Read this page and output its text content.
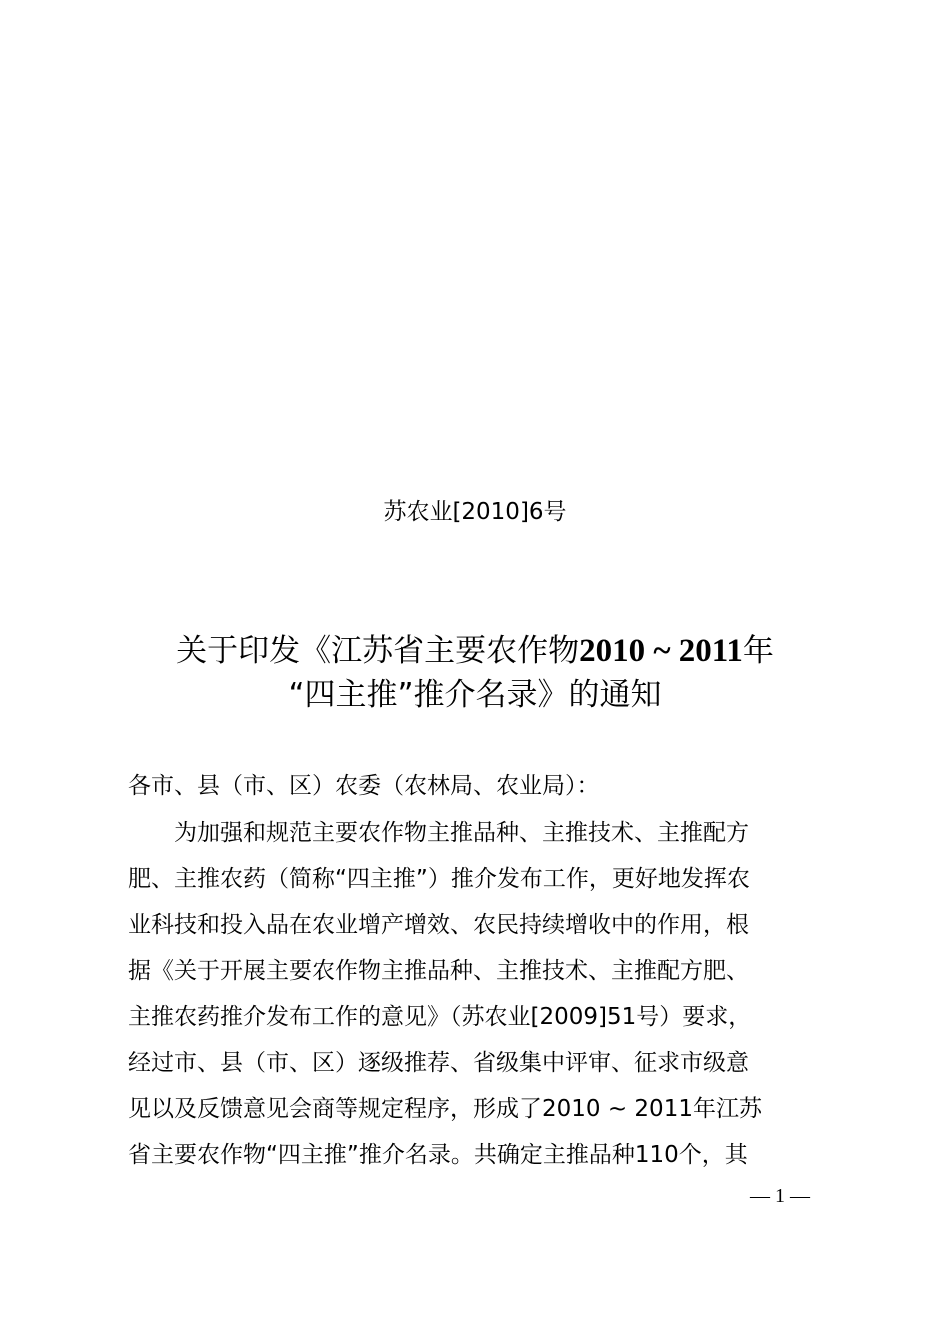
苏农业[2010]6号
关于印发《江苏省主要农作物2010 ~ 2011年
“四主推”推介名录》的通知
各市、县（市、区）农委（农林局、农业局）：
　　为加强和规范主要农作物主推品种、主推技术、主推配方
肥、主推农药（简称“四主推”）推介发布工作，更好地发挥农
业科技和投入品在农业增产增效、农民持续增收中的作用，根
据《关于开展主要农作物主推品种、主推技术、主推配方肥、
主推农药推介发布工作的意见》（苏农业[2009]51号）要求，
经过市、县（市、区）逐级推荐、省级集中评审、征求市级意
见以及反馈意见会商等规定程序，形成了2010 ~ 2011年江苏
省主要农作物“四主推”推介名录。共确定主推品种110个，其
— 1 —
